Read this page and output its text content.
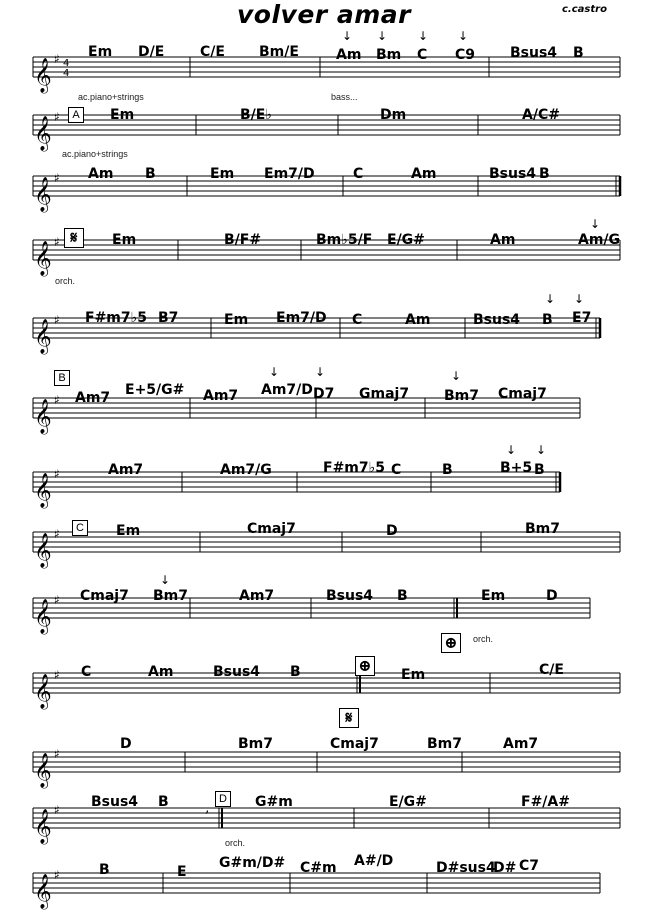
volver amar	c.castro
𝄞 ♯ 4
4
𝄞 ♯
𝄞 ♯
𝄞 ♯
𝄞 ♯
𝄞 ♯
𝄞 ♯
𝄞 ♯
𝄞 ♯
𝄞 ♯
𝄞 ♯
𝄞 ♯
𝄞 ♯
,
Em D/E	C/E Bm/E	Am Bm C C9 Bsus4 B
↓ ↓	↓ ↓
ac.piano+strings	bass...
A	Em	B/E♭	Dm	A/C#
ac.piano+strings
Am B	Em Em7/D	C	Am	Bsus4 B
𝄋	Em	B/F#	Bm♭5/F E/G#	Am	Am/G
↓
orch.
F#m7♭5 B7	Em Em7/D C	Am	Bsus4 B E7
↓ ↓
B
Am7 E+5/G# Am7 Am7/D D7 Gmaj7 Bm7 Cmaj7
↓	↓	↓
Am7	Am7/G	F#m7♭5 C	B	B+5 B
↓ ↓
C Em	Cmaj7	D	Bm7
Cmaj7 Bm7	Am7	Bsus4 B	Em	D
↓
⊕	orch.
C	Am	Bsus4 B	⊕ Em	C/E
𝄋
D	Bm7	Cmaj7	Bm7	Am7
Bsus4 B	D G#m	E/G#	F#/A#
orch.
B	E
G#m/D# C#m A#/D	D#sus4
D# C7
